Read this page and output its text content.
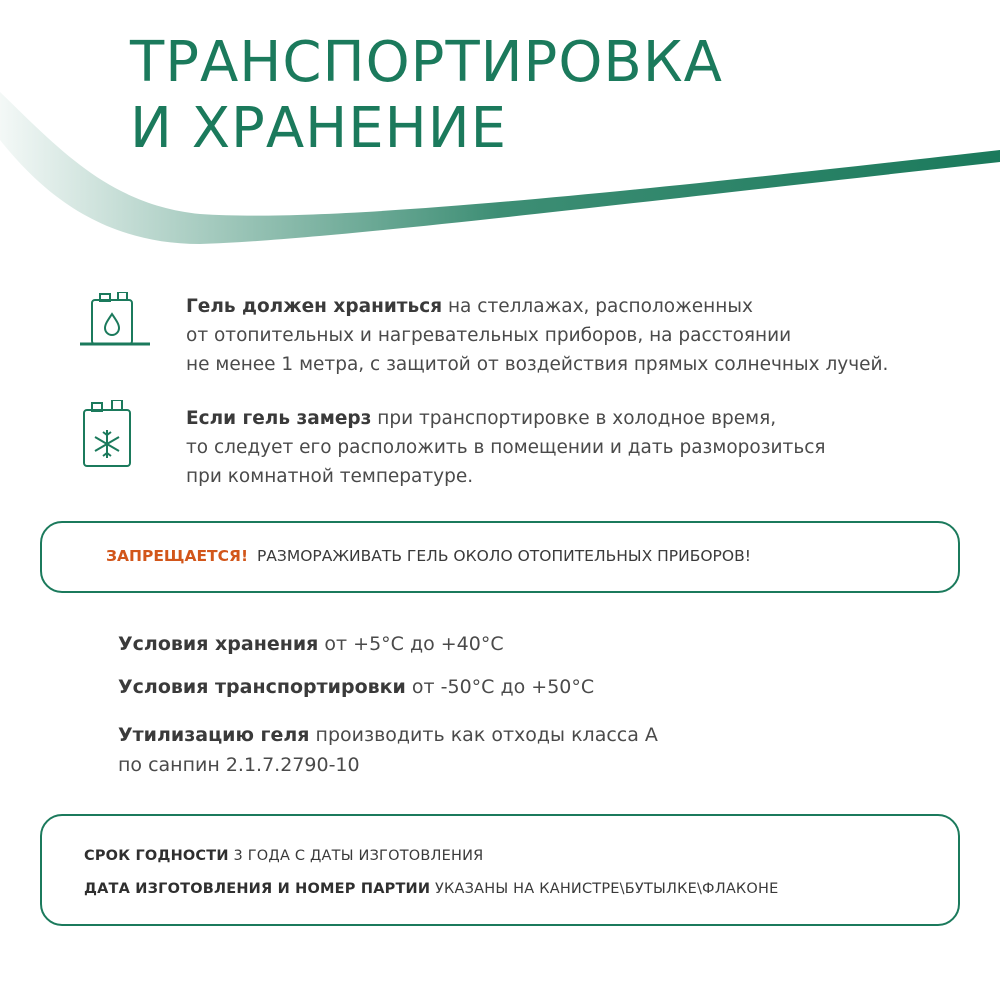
ТРАНСПОРТИРОВКА
И ХРАНЕНИЕ
Гель должен храниться на стеллажах, расположенных
от отопительных и нагревательных приборов, на расстоянии
не менее 1 метра, с защитой от воздействия прямых солнечных лучей.
Если гель замерз при транспортировке в холодное время,
то следует его расположить в помещении и дать разморозиться
при комнатной температуре.
ЗАПРЕЩАЕТСЯ! РАЗМОРАЖИВАТЬ ГЕЛЬ ОКОЛО ОТОПИТЕЛЬНЫХ ПРИБОРОВ!
Условия хранения от +5°C до +40°C
Условия транспортировки от -50°C до +50°C
Утилизацию геля производить как отходы класса А
по санпин 2.1.7.2790-10
СРОК ГОДНОСТИ 3 ГОДА С ДАТЫ ИЗГОТОВЛЕНИЯ
ДАТА ИЗГОТОВЛЕНИЯ И НОМЕР ПАРТИИ УКАЗАНЫ НА КАНИСТРЕ\БУТЫЛКЕ\ФЛАКОНЕ
